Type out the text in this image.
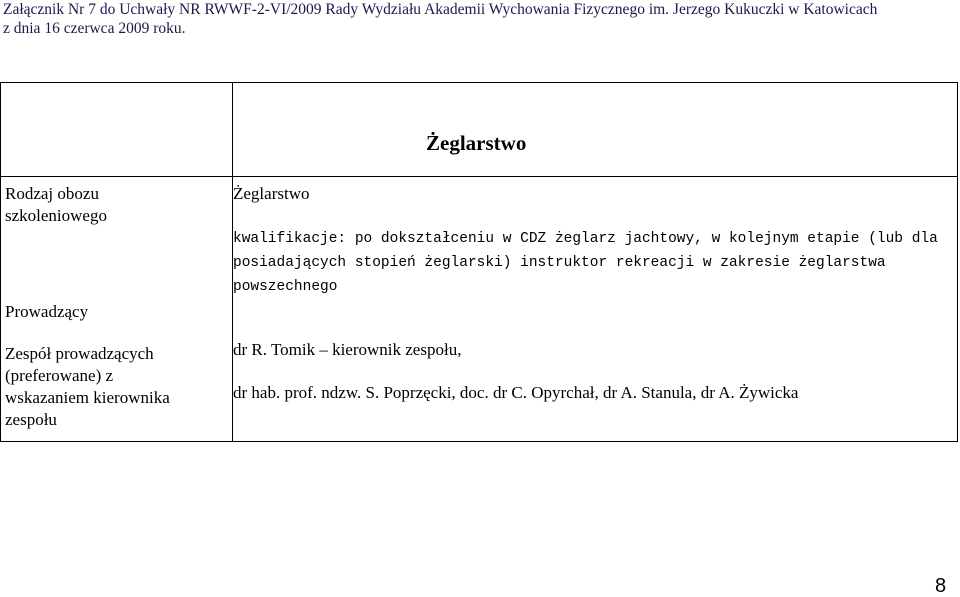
Załącznik Nr 7 do Uchwały NR RWWF-2-VI/2009 Rady Wydziału Akademii Wychowania Fizycznego im. Jerzego Kukuczki w Katowicach
z dnia 16 czerwca 2009 roku.
Żeglarstwo
Rodzaj obozu
szkoleniowego
Prowadzący
Zespół prowadzących
(preferowane) z
wskazaniem kierownika
zespołu
Żeglarstwo
kwalifikacje: po dokształceniu w CDZ żeglarz jachtowy, w kolejnym etapie (lub dla
posiadających stopień żeglarski) instruktor rekreacji w zakresie żeglarstwa
powszechnego
dr R. Tomik – kierownik zespołu,
dr hab. prof. ndzw. S. Poprzęcki, doc. dr C. Opyrchał, dr A. Stanula, dr A. Żywicka
8
